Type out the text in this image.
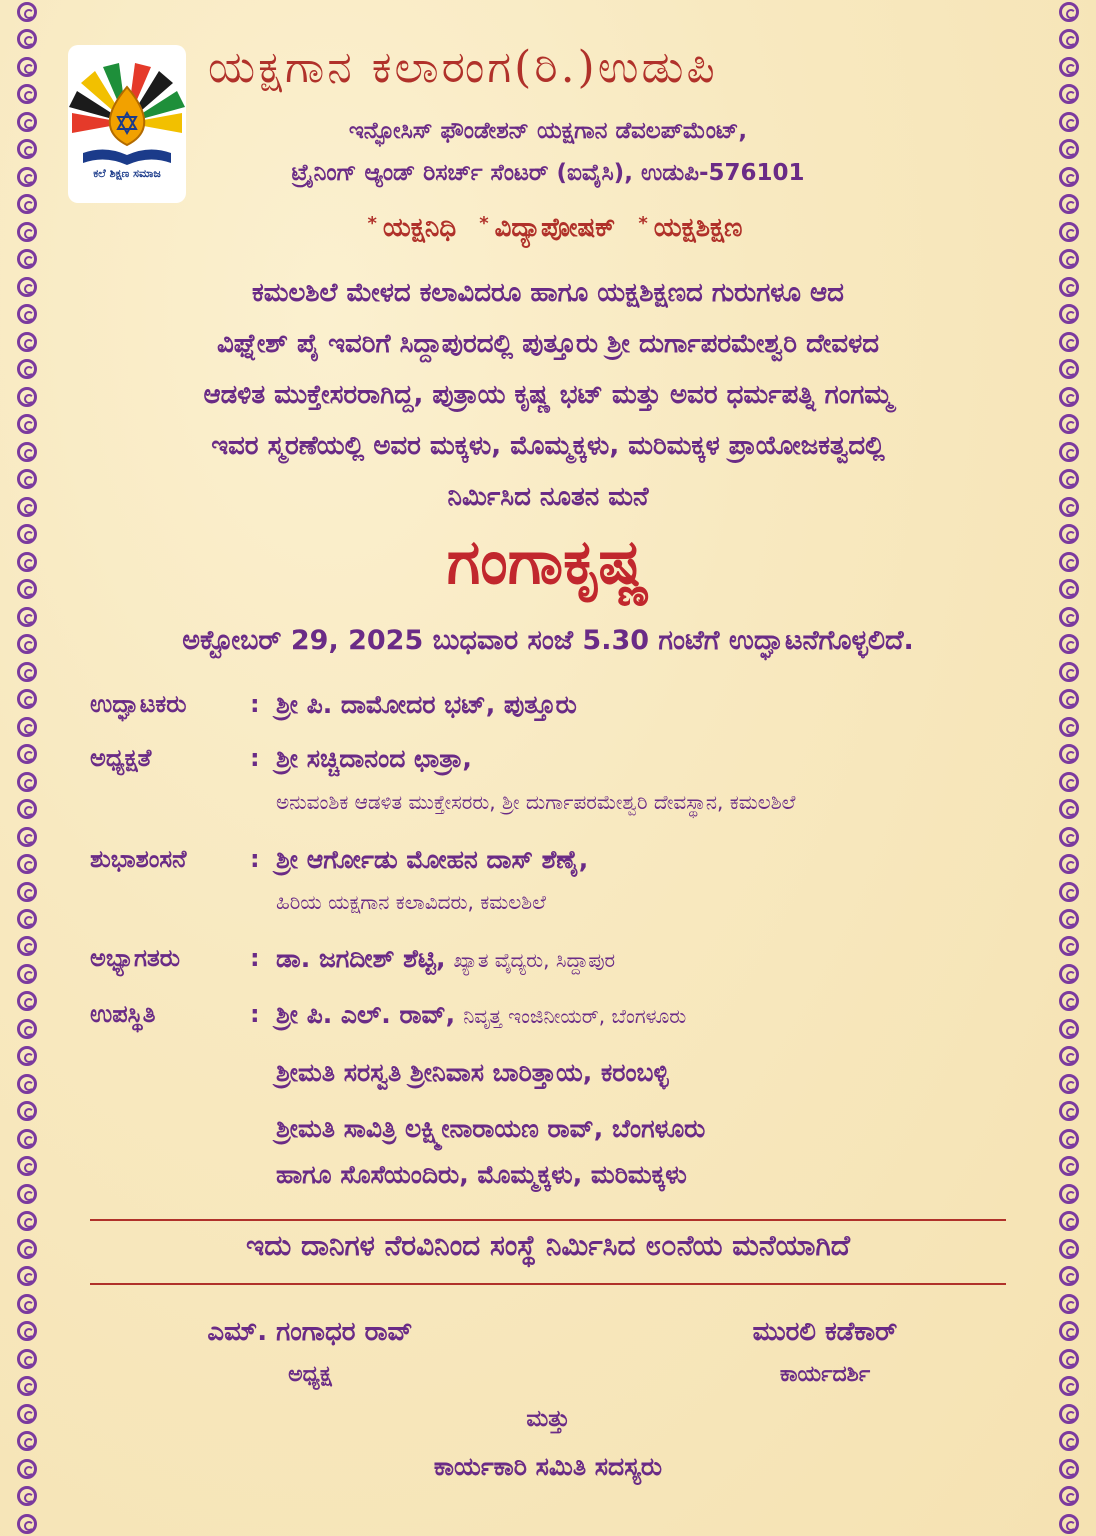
ಕಲೆ ಶಿಕ್ಷಣ ಸಮಾಜ
ಯಕ್ಷಗಾನ ಕಲಾರಂಗ(ರಿ.)ಉಡುಪಿ
ಇನ್ಫೋಸಿಸ್ ಫೌಂಡೇಶನ್ ಯಕ್ಷಗಾನ ಡೆವಲಪ್‌ಮೆಂಟ್,
ಟ್ರೈನಿಂಗ್ ಆ್ಯಂಡ್ ರಿಸರ್ಚ್ ಸೆಂಟರ್ (ಐವೈಸಿ), ಉಡುಪಿ-576101
* ಯಕ್ಷನಿಧಿ * ವಿದ್ಯಾಪೋಷಕ್ * ಯಕ್ಷಶಿಕ್ಷಣ
ಕಮಲಶಿಲೆ ಮೇಳದ ಕಲಾವಿದರೂ ಹಾಗೂ ಯಕ್ಷಶಿಕ್ಷಣದ ಗುರುಗಳೂ ಆದ
ವಿಘ್ನೇಶ್ ಪೈ ಇವರಿಗೆ ಸಿದ್ದಾಪುರದಲ್ಲಿ ಪುತ್ತೂರು ಶ್ರೀ ದುರ್ಗಾಪರಮೇಶ್ವರಿ ದೇವಳದ
ಆಡಳಿತ ಮುಕ್ತೇಸರರಾಗಿದ್ದ, ಪುತ್ರಾಯ ಕೃಷ್ಣ ಭಟ್ ಮತ್ತು ಅವರ ಧರ್ಮಪತ್ನಿ ಗಂಗಮ್ಮ
ಇವರ ಸ್ಮರಣೆಯಲ್ಲಿ ಅವರ ಮಕ್ಕಳು, ಮೊಮ್ಮಕ್ಕಳು, ಮರಿಮಕ್ಕಳ ಪ್ರಾಯೋಜಕತ್ವದಲ್ಲಿ
ನಿರ್ಮಿಸಿದ ನೂತನ ಮನೆ
ಗಂಗಾಕೃಷ್ಣ
ಅಕ್ಟೋಬರ್ 29, 2025 ಬುಧವಾರ ಸಂಜೆ 5.30 ಗಂಟೆಗೆ ಉದ್ಘಾಟನೆಗೊಳ್ಳಲಿದೆ.
ಉದ್ಘಾಟಕರು	: ಶ್ರೀ ಪಿ. ದಾಮೋದರ ಭಟ್, ಪುತ್ತೂರು
ಅಧ್ಯಕ್ಷತೆ	: ಶ್ರೀ ಸಚ್ಚಿದಾನಂದ ಛಾತ್ರಾ,
ಅನುವಂಶಿಕ ಆಡಳಿತ ಮುಕ್ತೇಸರರು, ಶ್ರೀ ದುರ್ಗಾಪರಮೇಶ್ವರಿ ದೇವಸ್ಥಾನ, ಕಮಲಶಿಲೆ
ಶುಭಾಶಂಸನೆ	: ಶ್ರೀ ಆರ್ಗೋಡು ಮೋಹನ ದಾಸ್ ಶೆಣೈ,
ಹಿರಿಯ ಯಕ್ಷಗಾನ ಕಲಾವಿದರು, ಕಮಲಶಿಲೆ
ಅಭ್ಯಾಗತರು	: ಡಾ. ಜಗದೀಶ್ ಶೆಟ್ಟಿ, ಖ್ಯಾತ ವೈದ್ಯರು, ಸಿದ್ದಾಪುರ
ಉಪಸ್ಥಿತಿ	: ಶ್ರೀ ಪಿ. ಎಲ್. ರಾವ್, ನಿವೃತ್ತ ಇಂಜಿನೀಯರ್, ಬೆಂಗಳೂರು
ಶ್ರೀಮತಿ ಸರಸ್ವತಿ ಶ್ರೀನಿವಾಸ ಬಾರಿತ್ತಾಯ, ಕರಂಬಳ್ಳಿ
ಶ್ರೀಮತಿ ಸಾವಿತ್ರಿ ಲಕ್ಷ್ಮೀನಾರಾಯಣ ರಾವ್, ಬೆಂಗಳೂರು
ಹಾಗೂ ಸೊಸೆಯಂದಿರು, ಮೊಮ್ಮಕ್ಕಳು, ಮರಿಮಕ್ಕಳು
ಇದು ದಾನಿಗಳ ನೆರವಿನಿಂದ ಸಂಸ್ಥೆ ನಿರ್ಮಿಸಿದ ೮೦ನೆಯ ಮನೆಯಾಗಿದೆ
ಎಮ್. ಗಂಗಾಧರ ರಾವ್
ಅಧ್ಯಕ್ಷ
ಮುರಲಿ ಕಡೆಕಾರ್
ಕಾರ್ಯದರ್ಶಿ
ಮತ್ತು
ಕಾರ್ಯಕಾರಿ ಸಮಿತಿ ಸದಸ್ಯರು
